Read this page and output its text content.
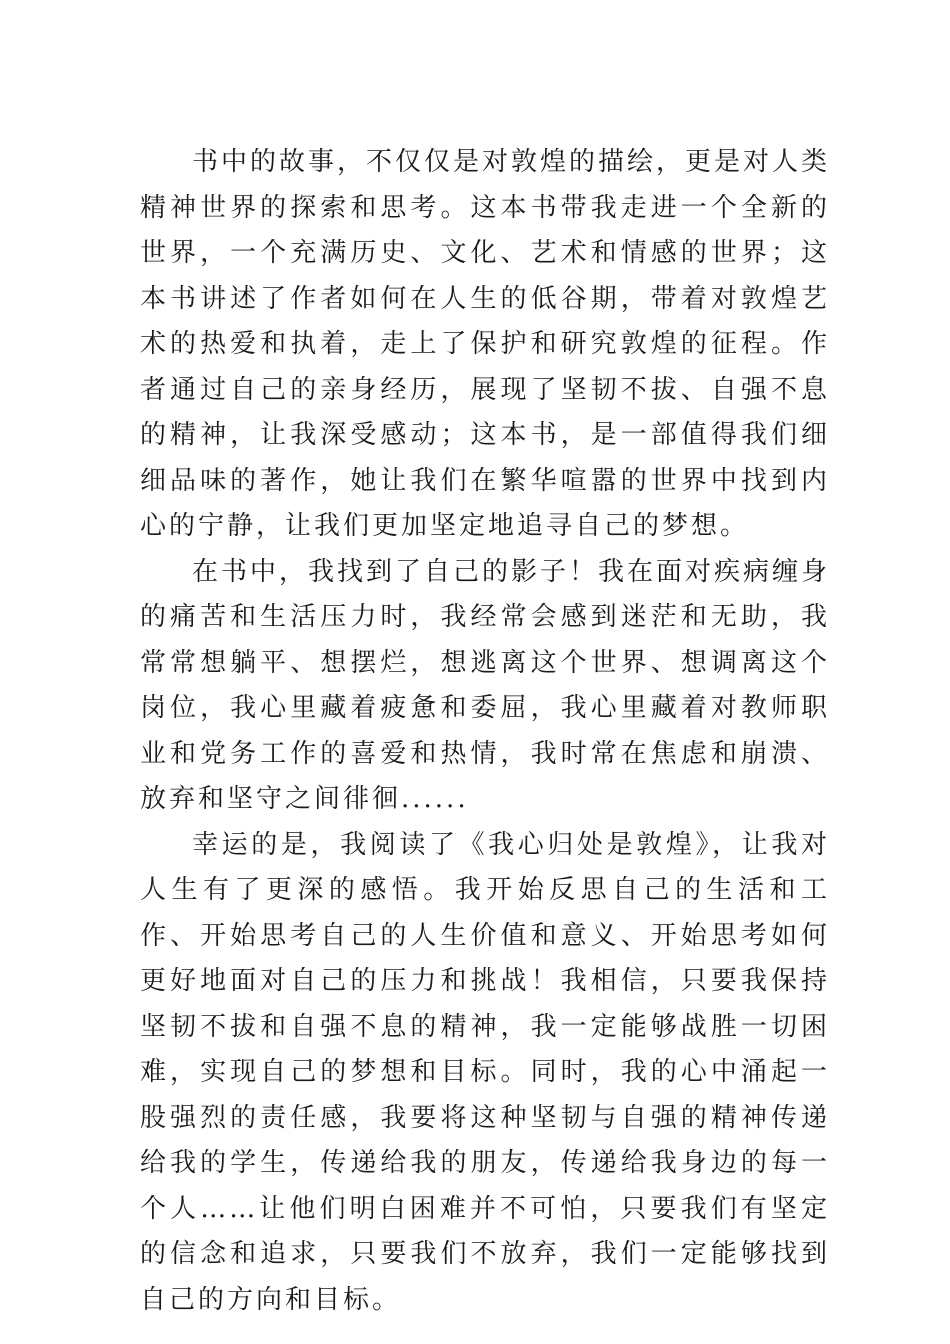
书中的故事，不仅仅是对敦煌的描绘，更是对人类精神世界的探索和思考。这本书带我走进一个全新的世界，一个充满历史、文化、艺术和情感的世界；这本书讲述了作者如何在人生的低谷期，带着对敦煌艺术的热爱和执着，走上了保护和研究敦煌的征程。作者通过自己的亲身经历，展现了坚韧不拔、自强不息的精神，让我深受感动；这本书，是一部值得我们细细品味的著作，她让我们在繁华喧嚣的世界中找到内心的宁静，让我们更加坚定地追寻自己的梦想。

在书中，我找到了自己的影子！我在面对疾病缠身的痛苦和生活压力时，我经常会感到迷茫和无助，我常常想躺平、想摆烂，想逃离这个世界、想调离这个岗位，我心里藏着疲惫和委屈，我心里藏着对教师职业和党务工作的喜爱和热情，我时常在焦虑和崩溃、放弃和坚守之间徘徊......

幸运的是，我阅读了《我心归处是敦煌》，让我对人生有了更深的感悟。我开始反思自己的生活和工作、开始思考自己的人生价值和意义、开始思考如何更好地面对自己的压力和挑战！我相信，只要我保持坚韧不拔和自强不息的精神，我一定能够战胜一切困难，实现自己的梦想和目标。同时，我的心中涌起一股强烈的责任感，我要将这种坚韧与自强的精神传递给我的学生，传递给我的朋友，传递给我身边的每一个人……让他们明白困难并不可怕，只要我们有坚定的信念和追求，只要我们不放弃，我们一定能够找到自己的方向和目标。
